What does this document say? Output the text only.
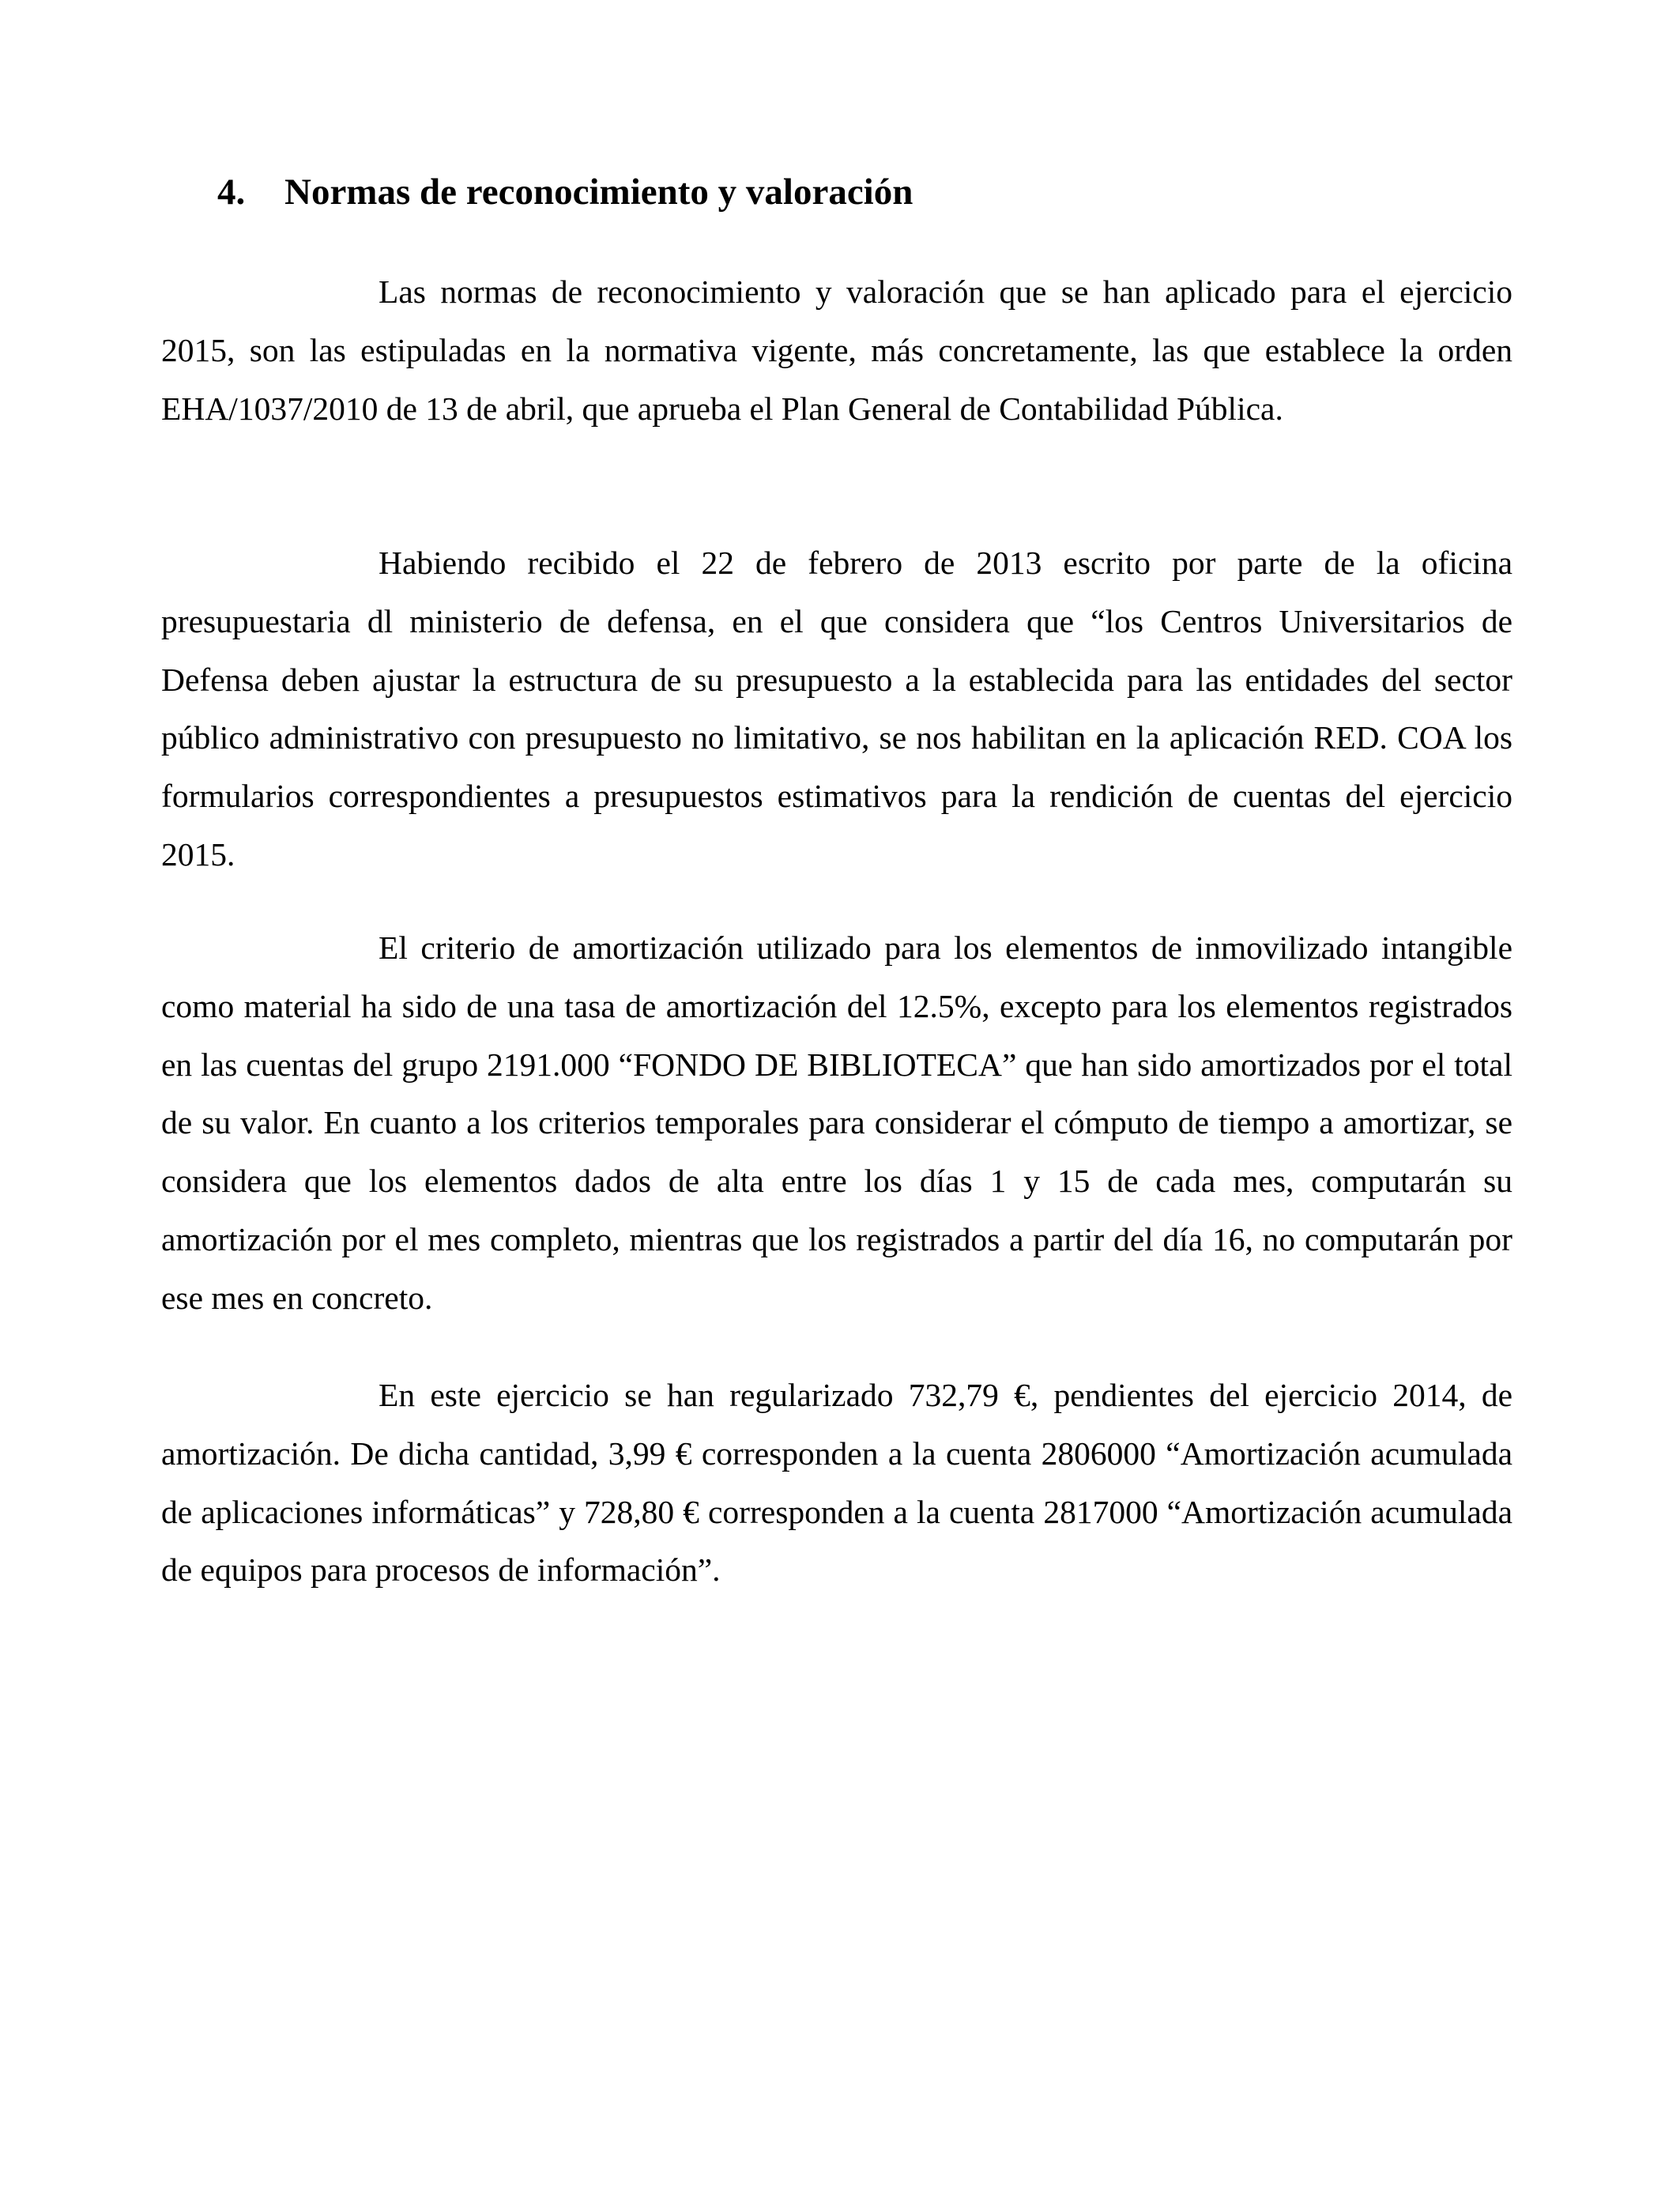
4. Normas de reconocimiento y valoración

Las normas de reconocimiento y valoración que se han aplicado para el ejercicio 2015, son las estipuladas en la normativa vigente, más concretamente, las que establece la orden EHA/1037/2010 de 13 de abril, que aprueba el Plan General de Contabilidad Pública.

Habiendo recibido el 22 de febrero de 2013 escrito por parte de la oficina presupuestaria dl ministerio de defensa, en el que considera que “los Centros Universitarios de Defensa deben ajustar la estructura de su presupuesto a la establecida para las entidades del sector público administrativo con presupuesto no limitativo, se nos habilitan en la aplicación RED. COA los formularios correspondientes a presupuestos estimativos para la rendición de cuentas del ejercicio 2015.

El criterio de amortización utilizado para los elementos de inmovilizado intangible como material ha sido de una tasa de amortización del 12.5%, excepto para los elementos registrados en las cuentas del grupo 2191.000 “FONDO DE BIBLIOTECA” que han sido amortizados por el total de su valor. En cuanto a los criterios temporales para considerar el cómputo de tiempo a amortizar, se considera que los elementos dados de alta entre los días 1 y 15 de cada mes, computarán su amortización por el mes completo, mientras que los registrados a partir del día 16, no computarán por ese mes en concreto.

En este ejercicio se han regularizado 732,79 €, pendientes del ejercicio 2014, de amortización. De dicha cantidad, 3,99 € corresponden a la cuenta 2806000 “Amortización acumulada de aplicaciones informáticas” y 728,80 € corresponden a la cuenta 2817000 “Amortización acumulada de equipos para procesos de información”.
